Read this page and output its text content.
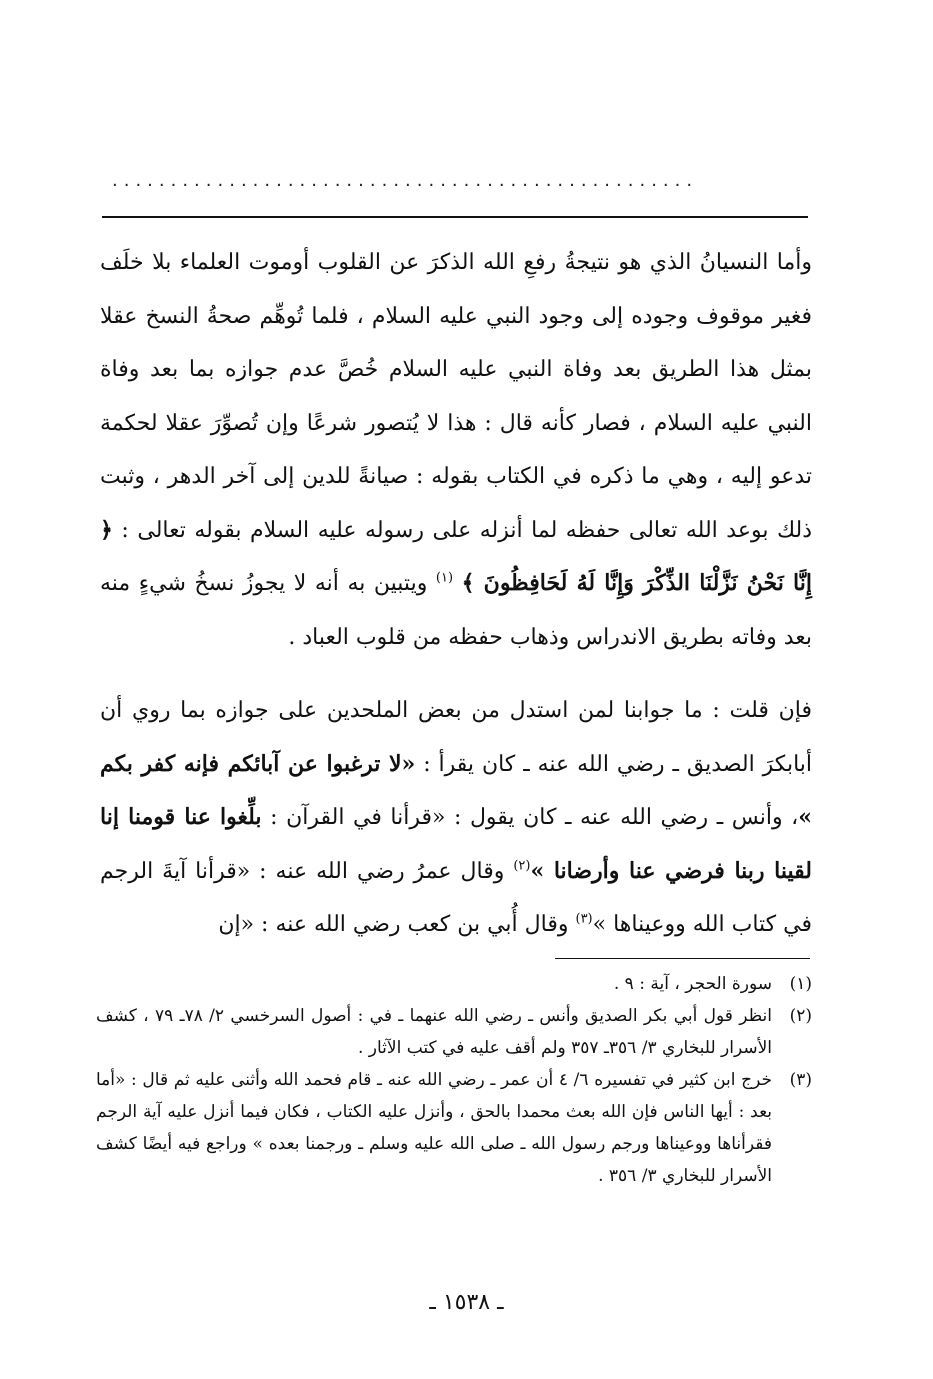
..................................................

وأما النسيانُ الذي هو نتيجةُ رفعِ الله الذكرَ عن القلوب أوموت العلماء بلا خلَف فغير موقوف وجوده إلى وجود النبي عليه السلام ، فلما تُوهِّم صحةُ النسخ عقلا بمثل هذا الطريق بعد وفاة النبي عليه السلام خُصَّ عدم جوازه بما بعد وفاة النبي عليه السلام ، فصار كأنه قال : هذا لا يُتصور شرعًا وإن تُصوِّرَ عقلا لحكمة تدعو إليه ، وهي ما ذكره في الكتاب بقوله : صيانةً للدين إلى آخر الدهر ، وثبت ذلك بوعد الله تعالى حفظه لما أنزله على رسوله عليه السلام بقوله تعالى : ﴿ إِنَّا نَحْنُ نَزَّلْنَا الذِّكْرَ وَإِنَّا لَهُ لَحَافِظُونَ ﴾ $^{(١)}$ ويتبين به أنه لا يجوزُ نسخُ شيءٍ منه بعد وفاته بطريق الاندراس وذهاب حفظه من قلوب العباد .

فإن قلت : ما جوابنا لمن استدل من بعض الملحدين على جوازه بما روي أن أبابكرَ الصديق ـ رضي الله عنه ـ كان يقرأ : «لا ترغبوا عن آبائكم فإنه كفر بكم »، وأنس ـ رضي الله عنه ـ كان يقول : «قرأنا في القرآن : بلِّغوا عنا قومنا إنا لقينا ربنا فرضي عنا وأرضانا »$^{(٢)}$ وقال عمرُ رضي الله عنه : «قرأنا آيةَ الرجم في كتاب الله ووعيناها »$^{(٣)}$ وقال أُبي بن كعب رضي الله عنه : «إن

(١)
سورة الحجر ، آية : ٩ .

(٢)
انظر قول أبي بكر الصديق وأنس ـ رضي الله عنهما ـ في : أصول السرخسي ٢/ ٧٨ـ ٧٩ ، كشف الأسرار للبخاري ٣/ ٣٥٦ـ ٣٥٧ ولم أقف عليه في كتب الآثار .

(٣)
خرج ابن كثير في تفسيره ٦/ ٤ أن عمر ـ رضي الله عنه ـ قام فحمد الله وأثنى عليه ثم قال : «أما بعد : أيها الناس فإن الله بعث محمدا بالحق ، وأنزل عليه الكتاب ، فكان فيما أنزل عليه آية الرجم فقرأناها ووعيناها ورجم رسول الله ـ صلى الله عليه وسلم ـ ورجمنا بعده » وراجع فيه أيضًا كشف الأسرار للبخاري ٣/ ٣٥٦ .

ـ ١٥٣٨ ـ
